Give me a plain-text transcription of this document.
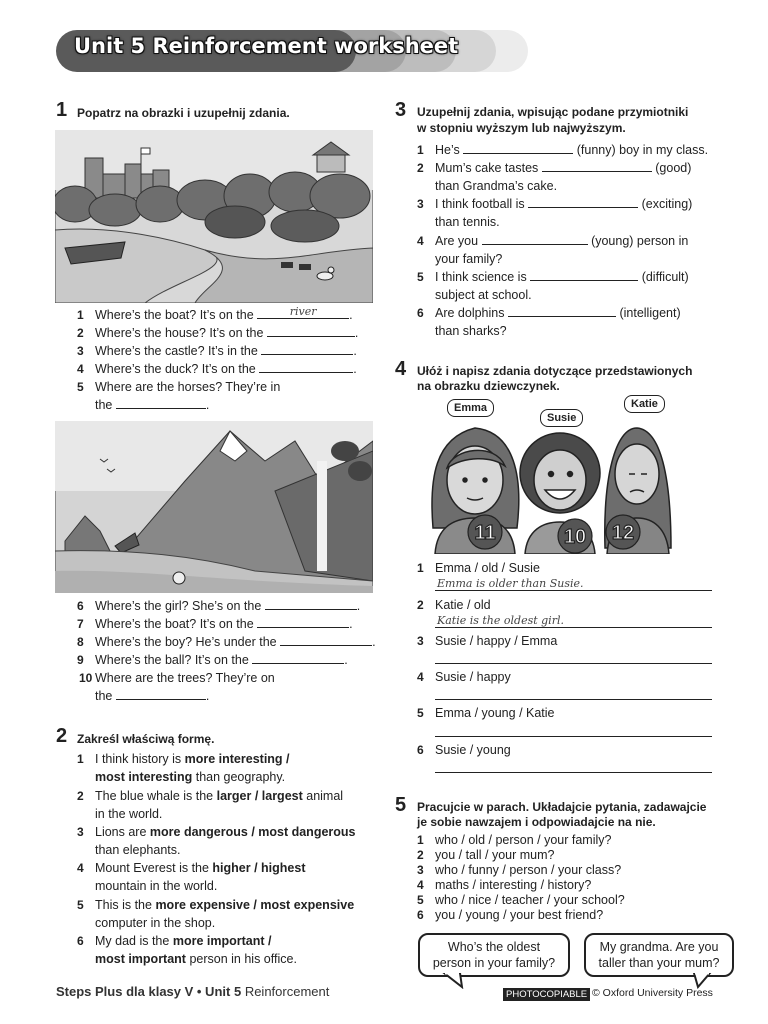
Unit 5 Reinforcement worksheet
1 Popatrz na obrazki i uzupełnij zdania.
1 Where’s the boat? It’s on the	river	.
2 Where’s the house? It’s on the	.
3 Where’s the castle? It’s in the	.
4 Where’s the duck? It’s on the	.
5 Where are the horses? They’re in
the	.
6 Where’s the girl? She’s on the	.
7 Where’s the boat? It’s on the	.
8 Where’s the boy? He’s under the	.
9 Where’s the ball? It’s on the	.
10 Where are the trees? They’re on
the	.
2 Zakreśl właściwą formę.
1 I think history is more interesting /
most interesting than geography.
2 The blue whale is the larger / largest animal
in the world.
3 Lions are more dangerous / most dangerous
than elephants.
4 Mount Everest is the higher / highest
mountain in the world.
5 This is the more expensive / most expensive
computer in the shop.
6 My dad is the more important /
most important person in his office.
3 Uzupełnij zdania, wpisując podane przymiotniki
w stopniu wyższym lub najwyższym.
1 He’s	(funny) boy in my class.
2 Mum’s cake tastes	(good)
than Grandma’s cake.
3 I think football is	(exciting)
than tennis.
4 Are you	(young) person in
your family?
5 I think science is	(difficult)
subject at school.
6 Are dolphins	(intelligent)
than sharks?
4 Ułóż i napisz zdania dotyczące przedstawionych
na obrazku dziewczynek.
11	10 12
Emma
Susie
Katie
1 Emma / old / Susie
Emma is older than Susie.
2 Katie / old
Katie is the oldest girl.
3 Susie / happy / Emma
4 Susie / happy
5 Emma / young / Katie
6 Susie / young
5 Pracujcie w parach. Układajcie pytania, zadawajcie
je sobie nawzajem i odpowiadajcie na nie.
1 who / old / person / your family?
2 you / tall / your mum?
3 who / funny / person / your class?
4 maths / interesting / history?
5 who / nice / teacher / your school?
6 you / young / your best friend?
Who’s the oldest
person in your family?
My grandma. Are you
taller than your mum?
Steps Plus dla klasy V • Unit 5 Reinforcement	PHOTOCOPIABLE © Oxford University Press
